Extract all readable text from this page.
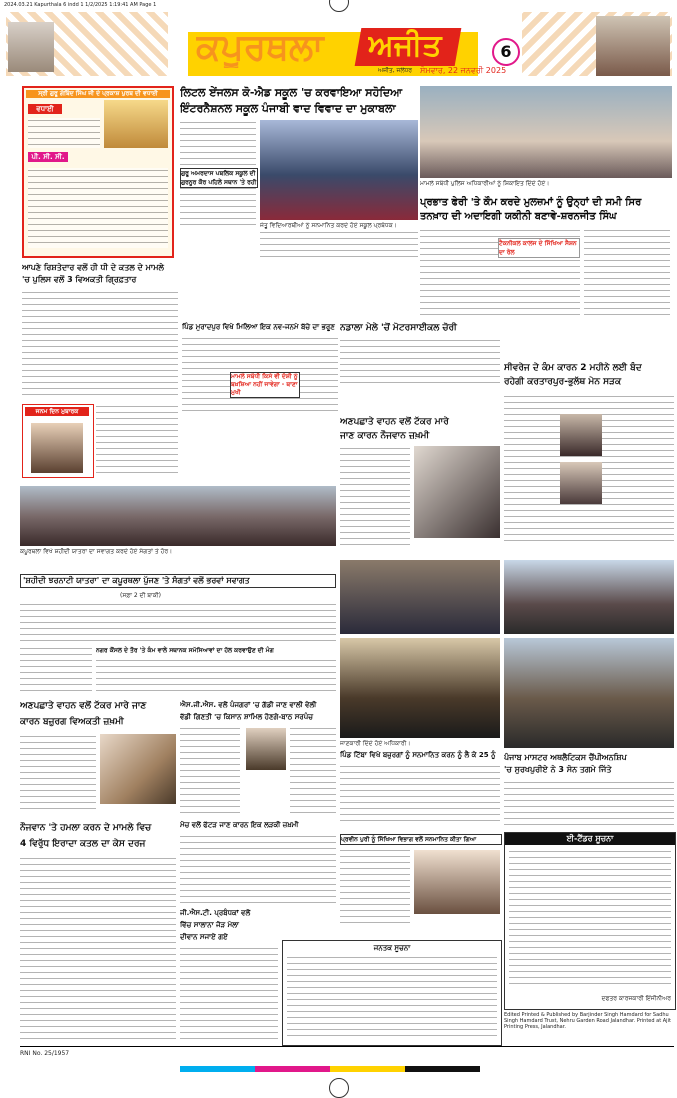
2024.03.21 Kapurthala 6 indd 1 1/2/2025 1:19:41 AM Page 1
ਕਪੂਰਥਲਾ	ਅਜੀਤ
ਅਜੀਤ, ਜਲੰਧਰ ਸੋਮਵਾਰ, 22 ਜਨਵਰੀ 2025
6
ਸ੍ਰੀ ਗੁਰੂ ਗੋਬਿੰਦ ਸਿੰਘ ਜੀ ਦੇ ਪ੍ਰਕਾਸ਼ ਪੁਰਬ ਦੀ ਵਧਾਈ
ਵਧਾਈ
ਪੀ. ਸੀ. ਸੀ.
ਲਿਟਲ ਏਂਜਲਸ ਕੋ-ਐਡ ਸਕੂਲ 'ਚ ਕਰਵਾਇਆ ਸਹੋਦਿਆ
ਇੰਟਰਨੈਸ਼ਨਲ ਸਕੂਲ ਪੰਜਾਬੀ ਵਾਦ ਵਿਵਾਦ ਦਾ ਮੁਕਾਬਲਾ
ਗੁਰੂ ਅਮਰਦਾਸ ਪਬਲਿਕ ਸਕੂਲ ਦੀ ਗੁਰਨੂਰ ਕੌਰ ਪਹਿਲੇ ਸਥਾਨ 'ਤੇ ਰਹੀ
ਜੇਤੂ ਵਿਦਿਆਰਥੀਆਂ ਨੂੰ ਸਨਮਾਨਿਤ ਕਰਦੇ ਹੋਏ ਸਕੂਲ ਪ੍ਰਬੰਧਕ।
ਮਾਮਲੇ ਸਬੰਧੀ ਪੁਲਿਸ ਅਧਿਕਾਰੀਆਂ ਨੂੰ ਸ਼ਿਕਾਇਤ ਦਿੰਦੇ ਹੋਏ।
ਪ੍ਰਭਾਤ ਫੇਰੀ 'ਤੇ ਕੌਮ ਕਰਦੇ ਮੁਲਜ਼ਮਾਂ ਨੂੰ ਉਨ੍ਹਾਂ ਦੀ ਸਮੀ ਸਿਰ
ਤਨਖ਼ਾਹ ਦੀ ਅਦਾਇਗੀ ਯਕੀਨੀ ਬਣਾਵੇ-ਸ਼ਰਨਜੀਤ ਸਿੰਘ
ਟੈਕਨੀਕਲ ਕਾਲਜ ਦੇ ਸਿੱਖਿਆ ਸੈਸ਼ਨ ਦਾ ਰੋਲ
ਆਪਣੇ ਰਿਸ਼ਤੇਦਾਰ ਵਲੋਂ ਹੀ ਧੀ ਦੇ ਕਤਲ ਦੇ ਮਾਮਲੇ
'ਚ ਪੁਲਿਸ ਵਲੋਂ 3 ਵਿਅਕਤੀ ਗ੍ਰਿਫ਼ਤਾਰ
ਜਨਮ ਦਿਨ ਮੁਬਾਰਕ
ਪਿੰਡ ਮੁਰਾਦਪੁਰ ਵਿਖੇ ਮਿਲਿਆ ਇਕ ਨਵ-ਜਨਮੇ ਬੱਚੇ ਦਾ ਭਰੂਣ
ਮਾਮਲੇ ਸਬੰਧੀ ਕਿਸੇ ਵੀ ਦੋਸ਼ੀ ਨੂੰ ਬਖ਼ਸ਼ਿਆ ਨਹੀਂ ਜਾਵੇਗਾ - ਥਾਣਾ ਮੁਖੀ
ਨਡਾਲਾ ਮੇਲੇ 'ਚੋਂ ਮੋਟਰਸਾਈਕਲ ਚੋਰੀ
ਅਣਪਛਾਤੇ ਵਾਹਨ ਵਲੋਂ ਟੱਕਰ ਮਾਰੇ
ਜਾਣ ਕਾਰਨ ਨੌਜਵਾਨ ਜ਼ਖ਼ਮੀ
ਸੀਵਰੇਜ ਦੇ ਕੰਮ ਕਾਰਨ 2 ਮਹੀਨੇ ਲਈ ਬੰਦ
ਰਹੇਗੀ ਕਰਤਾਰਪੁਰ-ਭੁਲੱਥ ਮੇਨ ਸੜਕ
ਕਪੂਰਥਲਾ ਵਿਖੇ ਸ਼ਹੀਦੀ ਯਾਤਰਾ ਦਾ ਸਵਾਗਤ ਕਰਦੇ ਹੋਏ ਸੰਗਤਾਂ ਤੇ ਹੋਰ।
'ਸ਼ਹੀਦੀ ਝਰਨਾਟੀ ਯਾਤਰਾ' ਦਾ ਕਪੂਰਥਲਾ ਪੁੱਜਣ 'ਤੇ ਸੰਗਤਾਂ ਵਲੋਂ ਭਰਵਾਂ ਸਵਾਗਤ
(ਸਫ਼ਾ 2 ਦੀ ਬਾਕੀ)
ਨਗਰ ਕੌਂਸਲ ਦੇ ਤੌਰ 'ਤੇ ਕੰਮ ਵਾਲੇ ਸਥਾਨਕ ਸਮੱਸਿਆਵਾਂ ਦਾ ਹੱਲ ਕਰਵਾਉਣ ਦੀ ਮੰਗ
ਜਾਣਕਾਰੀ ਦਿੰਦੇ ਹੋਏ ਅਧਿਕਾਰੀ।
ਪਿੰਡ ਟਿੱਬਾ ਵਿਖੇ ਬਜ਼ੁਰਗਾਂ ਨੂੰ ਸਨਮਾਨਿਤ ਕਰਨ ਨੂੰ ਲੈ ਕੇ 25 ਨੂੰ	ਪੰਜਾਬ ਮਾਸਟਰ ਅਥਲੈਟਿਕਸ ਚੈਂਪੀਅਨਸ਼ਿਪ
'ਚ ਸੁਰਖਪੁਰੀਏ ਨੇ 3 ਸੋਨ ਤਗਮੇ ਜਿੱਤੇ
ਅਣਪਛਾਤੇ ਵਾਹਨ ਵਲੋਂ ਟੱਕਰ ਮਾਰੇ ਜਾਣ
ਕਾਰਨ ਬਜ਼ੁਰਗ ਵਿਅਕਤੀ ਜ਼ਖ਼ਮੀ
ਨੌਜਵਾਨ 'ਤੇ ਹਮਲਾ ਕਰਨ ਦੇ ਮਾਮਲੇ ਵਿਚ
4 ਵਿਰੁੱਧ ਇਰਾਦਾ ਕਤਲ ਦਾ ਕੇਸ ਦਰਜ
ਐਸ.ਜੀ.ਐਸ. ਵਲੋਂ ਪੰਜਗਰਾਂ 'ਚ ਗੱਡੀ ਜਾਣ ਵਾਲੀ ਵੇਲੀ
ਵੱਡੀ ਗਿਣਤੀ 'ਚ ਕਿਸਾਨ ਸ਼ਾਮਿਲ ਹੋਣਗੇ-ਬਾਠ ਸਰਪੰਚ
ਮੋਚ ਵਲੋਂ ਫੱਟੜ ਜਾਣ ਕਾਰਨ ਇਕ ਲੜਕੀ ਜ਼ਖ਼ਮੀ
ਜੀ.ਐਸ.ਟੀ. ਪ੍ਰਬੰਧਕਾਂ ਵਲੋਂ
ਵਿੱਚ ਸਾਲਾਨਾ ਜੋੜ ਮੇਲਾ
ਦੀਵਾਨ ਸਜਾਏ ਗਏ
ਪ੍ਰਵੀਨ ਪੁਰੀ ਨੂੰ ਸਿੱਖਿਆ ਵਿਭਾਗ ਵਲੋਂ ਸਨਮਾਨਿਤ ਕੀਤਾ ਗਿਆ
ਜਨਤਕ ਸੂਚਨਾ
ਈ-ਟੈਂਡਰ ਸੂਚਨਾ
ਦਫਤਰ ਕਾਰਜਕਾਰੀ ਇੰਜੀਨੀਅਰ
Edited Printed & Published by Barjinder Singh Hamdard for Sadhu Singh Hamdard Trust, Nehru Garden Road Jalandhar. Printed at Ajit Printing Press, Jalandhar.
RNI No. 25/1957
